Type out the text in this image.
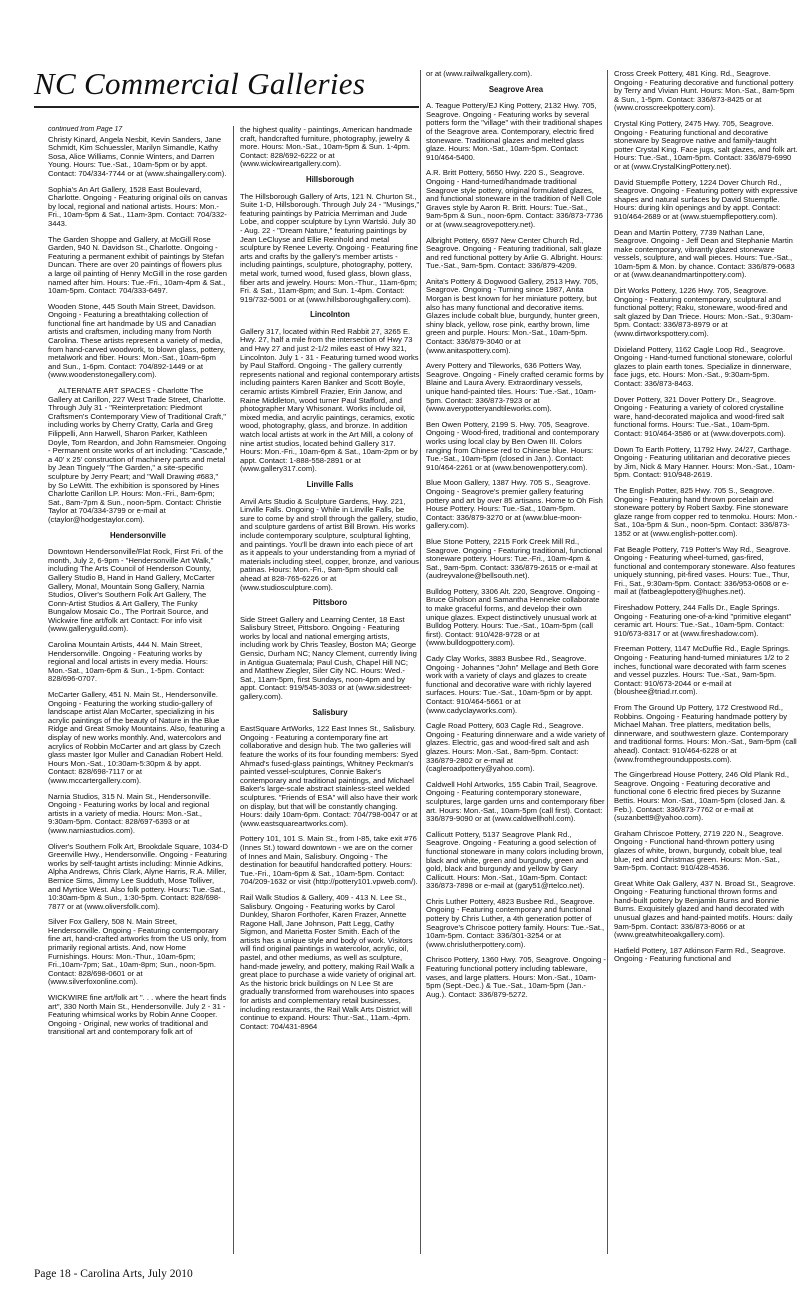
NC Commercial Galleries

continued from Page 17

Christy Kinard, Angela Nesbit, Kevin Sanders, Jane Schmidt, Kim Schuessler, Marilyn Simandle, Kathy Sosa, Alice Williams, Connie Winters, and Darren Young. Hours: Tue.-Sat., 10am-5pm or by appt. Contact: 704/334-7744 or at (www.shaingallery.com).

Sophia's An Art Gallery, 1528 East Boulevard, Charlotte. Ongoing - Featuring original oils on canvas by local, regional and national artists. Hours: Mon.-Fri., 10am-5pm & Sat., 11am-3pm. Contact: 704/332-3443.

The Garden Shoppe and Gallery, at McGill Rose Garden, 940 N. Davidson St., Charlotte. Ongoing - Featuring a permanent exhibit of paintings by Stefan Duncan. There are over 20 paintings of flowers plus a large oil painting of Henry McGill in the rose garden named after him. Hours: Tue.-Fri., 10am-4pm & Sat., 10am-5pm. Contact: 704/333-6497.

Wooden Stone, 445 South Main Street, Davidson. Ongoing - Featuring a breathtaking collection of functional fine art handmade by US and Canadian artists and craftsmen, including many from North Carolina. These artists represent a variety of media, from hand-carved woodwork, to blown glass, pottery, metalwork and fiber. Hours: Mon.-Sat., 10am-6pm and Sun., 1-6pm. Contact: 704/892-1449 or at (www.woodenstonegallery.com).

ALTERNATE ART SPACES - Charlotte The Gallery at Carillon, 227 West Trade Street, Charlotte. Through July 31 - "Reinterpretation: Piedmont Craftsmen's Contemporary View of Traditional Craft," including works by Cherry Cratty, Carla and Greg Filippelli, Ann Harwell, Sharon Parker, Kathleen Doyle, Tom Reardon, and John Ramsmeier. Ongoing - Permanent onsite works of art including: "Cascade," a 40' x 25' construction of machinery parts and metal by Jean Tinguely "The Garden," a site-specific sculpture by Jerry Peart; and "Wall Drawing #683," by So LeWitt. The exhibition is sponsored by Hines Charlotte Carillon LP. Hours: Mon.-Fri., 8am-6pm; Sat., 8am-7pm & Sun., noon-5pm. Contact: Christie Taylor at 704/334-3799 or e-mail at (ctaylor@hodgestaylor.com).

Hendersonville

Downtown Hendersonville/Flat Rock, First Fri. of the month, July 2, 6-9pm - "Hendersonville Art Walk," including The Arts Council of Henderson County, Gallery Studio B, Hand in Hand Gallery, McCarter Gallery, Mona!, Mountain Song Gallery, Narnia Studios, Oliver's Southern Folk Art Gallery, The Conn-Artist Studios & Art Gallery, The Funky Bungalow Mosaic Co., The Portrait Source, and Wickwire fine art/folk art Contact: For info visit (www.galleryguild.com).

Carolina Mountain Artists, 444 N. Main Street, Hendersonville. Ongoing - Featuring works by regional and local artists in every media. Hours: Mon.-Sat., 10am-6pm & Sun., 1-5pm. Contact: 828/696-0707.

McCarter Gallery, 451 N. Main St., Hendersonville. Ongoing - Featuring the working studio-gallery of landscape artist Alan McCarter, specializing in his acrylic paintings of the beauty of Nature in the Blue Ridge and Great Smoky Mountains. Also, featuring a display of new works monthly. And, watercolors and acrylics of Robbin McCarter and art glass by Czech glass master Igor Muller and Canadian Robert Held. Hours Mon.-Sat., 10:30am-5:30pm & by appt. Contact: 828/698-7117 or at (www.mccartergallery.com).

Narnia Studios, 315 N. Main St., Hendersonville. Ongoing - Featuring works by local and regional artists in a variety of media. Hours: Mon.-Sat., 9:30am-5pm. Contact: 828/697-6393 or at (www.narniastudios.com).

Oliver's Southern Folk Art, Brookdale Square, 1034-D Greenville Hwy., Hendersonville. Ongoing - Featuring works by self-taught artists including: Minnie Adkins, Alpha Andrews, Chris Clark, Alyne Harris, R.A. Miller, Bernice Sims, Jimmy Lee Sudduth, Mose Tolliver, and Myrtice West. Also folk pottery. Hours: Tue.-Sat., 10:30am-5pm & Sun., 1:30-5pm. Contact: 828/698-7877 or at (www.oliversfolk.com).

Silver Fox Gallery, 508 N. Main Street, Hendersonville. Ongoing - Featuring contemporary fine art, hand-crafted artworks from the US only, from primarily regional artists. And, now Home Furnishings. Hours: Mon.-Thur., 10am-6pm; Fri.,10am-7pm; Sat., 10am-8pm; Sun., noon-5pm. Contact: 828/698-0601 or at (www.silverfoxonline.com).

WICKWIRE fine art/folk art ". . . where the heart finds art", 330 North Main St., Hendersonville. July 2 - 31 - Featuring whimsical works by Robin Anne Cooper. Ongoing - Original, new works of traditional and transitional art and contemporary folk art of

the highest quality - paintings, American handmade craft, handcrafted furniture, photography, jewelry & more. Hours: Mon.-Sat., 10am-5pm & Sun. 1-4pm. Contact: 828/692-6222 or at (www.wickwireartgallery.com).

Hillsborough

The Hillsborough Gallery of Arts, 121 N. Churton St., Suite 1-D, Hillsborough. Through July 24 - "Musings," featuring paintings by Patricia Merriman and Jude Lobe, and copper sculpture by Lynn Wartski. July 30 - Aug. 22 - "Dream Nature," featuring paintings by Jean LeCluyse and Ellie Reinhold and metal sculpture by Renee Leverty. Ongoing - Featuring fine arts and crafts by the gallery's member artists - including paintings, sculpture, photography, pottery, metal work, turned wood, fused glass, blown glass, fiber arts and jewelry. Hours: Mon.-Thur., 11am-6pm; Fri. & Sat., 11am-8pm; and Sun. 1-4pm. Contact: 919/732-5001 or at (www.hillsboroughgallery.com).

Lincolnton

Gallery 317, located within Red Rabbit 27, 3265 E. Hwy. 27, half a mile from the intersection of Hwy 73 and Hwy 27 and just 2-1/2 miles east of Hwy 321, Lincolnton. July 1 - 31 - Featuring turned wood works by Paul Stafford. Ongoing - The gallery currently represents national and regional contemporary artists including painters Karen Banker and Scott Boyle, ceramic artists Kimbrell Frazier, Erin Janow, and Raine Middleton, wood turner Paul Stafford, and photographer Mary Whisonant. Works include oil, mixed media, and acrylic paintings, ceramics, exotic wood, photography, glass, and bronze. In addition watch local artists at work in the Art Mill, a colony of nine artist studios, located behind Gallery 317. Hours: Mon.-Fri., 10am-6pm & Sat., 10am-2pm or by appt. Contact: 1-888-558-2891 or at (www.gallery317.com).

Linville Falls

Anvil Arts Studio & Sculpture Gardens, Hwy. 221, Linville Falls. Ongoing - While in Linville Falls, be sure to come by and stroll through the gallery, studio, and sculpture gardens of artist Bill Brown. His works include contemporary sculpture, sculptural lighting, and paintings. You'll be drawn into each piece of art as it appeals to your understanding from a myriad of materials including steel, copper, bronze, and various patinas. Hours: Mon.-Fri., 9am-5pm should call ahead at 828-765-6226 or at (www.studiosculpture.com).

Pittsboro

Side Street Gallery and Learning Center, 18 East Salisbury Street, Pittsboro. Ongoing - Featuring works by local and national emerging artists, including work by Chris Teasley, Boston MA; George Gensic, Durham NC; Nancy Clement, currently living in Antigua Guatemala; Paul Cush, Chapel Hill NC; and Matthew Ziegler, Siler City NC. Hours: Wed.-Sat., 11am-5pm, first Sundays, noon-4pm and by appt. Contact: 919/545-3033 or at (www.sidestreet-gallery.com).

Salisbury

EastSquare ArtWorks, 122 East Innes St., Salisbury. Ongoing - Featuring a contemporary fine art collaborative and design hub. The two galleries will feature the works of its four founding members: Syed Ahmad's fused-glass paintings, Whitney Peckman's painted vessel-sculptures, Connie Baker's contemporary and traditional paintings, and Michael Baker's large-scale abstract stainless-steel welded sculptures. "Friends of ESA" will also have their work on display, but that will be constantly changing. Hours: daily 10am-6pm. Contact: 704/798-0047 or at (www.eastsquareartworks.com).

Pottery 101, 101 S. Main St., from I-85, take exit #76 (Innes St.) toward downtown - we are on the corner of Innes and Main, Salisbury. Ongoing - The destination for beautiful handcrafted pottery. Hours: Tue.-Fri., 10am-6pm & Sat., 10am-5pm. Contact: 704/209-1632 or visit (http://pottery101.vpweb.com/).

Rail Walk Studios & Gallery, 409 - 413 N. Lee St., Salisbury. Ongoing - Featuring works by Carol Dunkley, Sharon Forthofer, Karen Frazer, Annette Ragone Hall, Jane Johnson, Patt Legg, Cathy Sigmon, and Marietta Foster Smith. Each of the artists has a unique style and body of work. Visitors will find original paintings in watercolor, acrylic, oil, pastel, and other mediums, as well as sculpture, hand-made jewelry, and pottery, making Rail Walk a great place to purchase a wide variety of original art. As the historic brick buildings on N Lee St are gradually transformed from warehouses into spaces for artists and complementary retail businesses, including restaurants, the Rail Walk Arts District will continue to expand. Hours: Thur.-Sat., 11am.-4pm. Contact: 704/431-8964

or at (www.railwalkgallery.com).

Seagrove Area

A. Teague Pottery/EJ King Pottery, 2132 Hwy. 705, Seagrove. Ongoing - Featuring works by several potters form the "village" with their traditional shapes of the Seagrove area. Contemporary, electric fired stoneware. Traditional glazes and melted glass glaze. Hours: Mon.-Sat., 10am-5pm. Contact: 910/464-5400.

A.R. Britt Pottery, 5650 Hwy. 220 S., Seagrove. Ongoing - Hand-turned/handmade traditional Seagrove style pottery, original formulated glazes, and functional stoneware in the tradition of Nell Cole Graves style by Aaron R. Britt. Hours: Tue.-Sat., 9am-5pm & Sun., noon-6pm. Contact: 336/873-7736 or at (www.seagrovepottery.net).

Albright Pottery, 6597 New Center Church Rd., Seagrove. Ongoing - Featuring traditional, salt glaze and red functional pottery by Arlie G. Albright. Hours: Tue.-Sat., 9am-5pm. Contact: 336/879-4209.

Anita's Pottery & Dogwood Gallery, 2513 Hwy. 705, Seagrove. Ongoing - Turning since 1987, Anita Morgan is best known for her miniature pottery, but also has many functional and decorative items. Glazes include cobalt blue, burgundy, hunter green, shiny black, yellow, rose pink, earthy brown, lime green and purple. Hours: Mon.-Sat., 10am-5pm. Contact: 336/879-3040 or at (www.anitaspottery.com).

Avery Pottery and Tileworks, 636 Potters Way, Seagrove. Ongoing - Finely crafted ceramic forms by Blaine and Laura Avery. Extraordinary vessels, unique hand-painted tiles. Hours: Tue.-Sat., 10am-5pm. Contact: 336/873-7923 or at (www.averypotteryandtileworks.com).

Ben Owen Pottery, 2199 S. Hwy. 705, Seagrove. Ongoing - Wood-fired, traditional and contemporary works using local clay by Ben Owen III. Colors ranging from Chinese red to Chinese blue. Hours: Tue.-Sat., 10am-5pm (closed in Jan.). Contact: 910/464-2261 or at (www.benowenpottery.com).

Blue Moon Gallery, 1387 Hwy. 705 S., Seagrove. Ongoing - Seagrove's premier gallery featuring pottery and art by over 85 artisans. Home to Oh Fish House Pottery. Hours: Tue.-Sat., 10am-5pm. Contact: 336/879-3270 or at (www.blue-moon-gallery.com).

Blue Stone Pottery, 2215 Fork Creek Mill Rd., Seagrove. Ongoing - Featuring traditional, functional stoneware pottery. Hours: Tue.-Fri., 10am-4pm & Sat., 9am-5pm. Contact: 336/879-2615 or e-mail at (audreyvalone@bellsouth.net).

Bulldog Pottery, 3306 Alt. 220, Seagrove. Ongoing - Bruce Gholson and Samantha Henneke collaborate to make graceful forms, and develop their own unique glazes. Expect distinctively unusual work at Bulldog Pottery. Hours: Tue.-Sat., 10am-5pm (call first). Contact: 910/428-9728 or at (www.bulldogpottery.com).

Cady Clay Works, 3883 Busbee Rd., Seagrove. Ongoing - Johannes "John" Mellage and Beth Gore work with a variety of clays and glazes to create functional and decorative ware with richly layered surfaces. Hours: Tue.-Sat., 10am-5pm or by appt. Contact: 910/464-5661 or at (www.cadyclayworks.com).

Cagle Road Pottery, 603 Cagle Rd., Seagrove. Ongoing - Featuring dinnerware and a wide variety of glazes. Electric, gas and wood-fired salt and ash glazes. Hours: Mon.-Sat., 8am-5pm. Contact: 336/879-2802 or e-mail at (cagleroadpottery@yahoo.com).

Caldwell Hohl Artworks, 155 Cabin Trail, Seagrove. Ongoing - Featuring contemporary stoneware, sculptures, large garden urns and contemporary fiber art. Hours: Mon.-Sat., 10am-5pm (call first). Contact: 336/879-9090 or at (www.caldwellhohl.com).

Callicutt Pottery, 5137 Seagrove Plank Rd., Seagrove. Ongoing - Featuring a good selection of functional stoneware in many colors including brown, black and white, green and burgundy, green and gold, black and burgundy and yellow by Gary Callicutt. Hours: Mon.-Sat., 10am-5pm. Contact: 336/873-7898 or e-mail at (gary51@rtelco.net).

Chris Luther Pottery, 4823 Busbee Rd., Seagrove. Ongoing - Featuring contemporary and functional pottery by Chris Luther, a 4th generation potter of Seagrove's Chriscoe pottery family. Hours: Tue.-Sat., 10am-5pm. Contact: 336/301-3254 or at (www.chrislutherpottery.com).

Chrisco Pottery, 1360 Hwy. 705, Seagrove. Ongoing - Featuring functional pottery including tableware, vases, and large platters. Hours: Mon.-Sat., 10am-5pm (Sept.-Dec.) & Tue.-Sat., 10am-5pm (Jan.-Aug.). Contact: 336/879-5272.

Cross Creek Pottery, 481 King. Rd., Seagrove. Ongoing - Featuring decorative and functional pottery by Terry and Vivian Hunt. Hours: Mon.-Sat., 8am-5pm & Sun., 1-5pm. Contact: 336/873-8425 or at (www.crosscreekpottery.com).

Crystal King Pottery, 2475 Hwy. 705, Seagrove. Ongoing - Featuring functional and decorative stoneware by Seagrove native and family-taught potter Crystal King. Face jugs, salt glazes, and folk art. Hours: Tue.-Sat., 10am-5pm. Contact: 336/879-6990 or at (www.CrystalKingPottery.net).

David Stuempfle Pottery, 1224 Dover Church Rd., Seagrove. Ongoing - Featuring pottery with expressive shapes and natural surfaces by David Stuempfle. Hours: during kiln openings and by appt. Contact: 910/464-2689 or at (www.stuempflepottery.com).

Dean and Martin Pottery, 7739 Nathan Lane, Seagrove. Ongoing - Jeff Dean and Stephanie Martin make contemporary, vibrantly glazed stoneware vessels, sculpture, and wall pieces. Hours: Tue.-Sat., 10am-5pm & Mon. by chance. Contact: 336/879-0683 or at (www.deanandmartinpottery.com).

Dirt Works Pottery, 1226 Hwy. 705, Seagrove. Ongoing - Featuring contemporary, sculptural and functional pottery; Raku, stoneware, wood-fired and salt glazed by Dan Triece. Hours: Mon.-Sat., 9:30am-5pm. Contact: 336/873-8979 or at (www.dirtworkspottery.com).

Dixieland Pottery, 1162 Cagle Loop Rd., Seagrove. Ongoing - Hand-turned functional stoneware, colorful glazes to plain earth tones. Specialize in dinnerware, face jugs, etc. Hours: Mon.-Sat., 9:30am-5pm. Contact: 336/873-8463.

Dover Pottery, 321 Dover Pottery Dr., Seagrove. Ongoing - Featuring a variety of colored crystalline ware, hand-decorated majolica and wood-fired salt functional forms. Hours: Tue.-Sat., 10am-5pm. Contact: 910/464-3586 or at (www.doverpots.com).

Down To Earth Pottery, 11792 Hwy. 24/27, Carthage. Ongoing - Featuring utilitarian and decorative pieces by Jim, Nick & Mary Hanner. Hours: Mon.-Sat., 10am-5pm. Contact: 910/948-2619.

The English Potter, 825 Hwy. 705 S., Seagrove. Ongoing - Featuring hand thrown porcelain and stoneware pottery by Robert Saxby. Fine stoneware glaze range from copper red to tenmoku. Hours: Mon.-Sat., 10a-5pm & Sun., noon-5pm. Contact: 336/873-1352 or at (www.english-potter.com).

Fat Beagle Pottery, 719 Potter's Way Rd., Seagrove. Ongoing - Featuring wheel-turned, gas-fired, functional and contemporary stoneware. Also features uniquely stunning, pit-fired vases. Hours: Tue., Thur, Fri., Sat., 9:30am-5pm. Contact: 336/953-0608 or e-mail at (fatbeaglepottery@hughes.net).

Fireshadow Pottery, 244 Falls Dr., Eagle Springs. Ongoing - Featuring one-of-a-kind "primitive elegant" ceramic art. Hours: Tue.-Sat., 10am-5pm. Contact: 910/673-8317 or at (www.fireshadow.com).

Freeman Pottery, 1147 McDuffie Rd., Eagle Springs. Ongoing - Featuring hand-turned miniatures 1/2 to 2 inches, functional ware decorated with farm scenes and vessel puzzles. Hours: Tue.-Sat., 9am-5pm. Contact: 910/673-2044 or e-mail at (bloushee@triad.rr.com).

From The Ground Up Pottery, 172 Crestwood Rd., Robbins. Ongoing - Featuring handmade pottery by Michael Mahan. Tree platters, meditation bells, dinnerware, and southwestern glaze. Contemporary and traditional forms. Hours: Mon.-Sat., 9am-5pm (call ahead). Contact: 910/464-6228 or at (www.fromthegroundupposts.com).

The Gingerbread House Pottery, 246 Old Plank Rd., Seagrove. Ongoing - Featuring decorative and functional cone 6 electric fired pieces by Suzanne Bettis. Hours: Mon.-Sat., 10am-5pm (closed Jan. & Feb.). Contact: 336/873-7762 or e-mail at (suzanbett9@yahoo.com).

Graham Chriscoe Pottery, 2719 220 N., Seagrove. Ongoing - Functional hand-thrown pottery using glazes of white, brown, burgundy, cobalt blue, teal blue, red and Christmas green. Hours: Mon.-Sat., 9am-5pm. Contact: 910/428-4536.

Great White Oak Gallery, 437 N. Broad St., Seagrove. Ongoing - Featuring functional thrown forms and hand-built pottery by Benjamin Burns and Bonnie Burns. Exquisitely glazed and hand decorated with unusual glazes and hand-painted motifs. Hours: daily 9am-5pm. Contact: 336/873-8066 or at (www.greatwhiteoakgallery.com).

Hatfield Pottery, 187 Atkinson Farm Rd., Seagrove. Ongoing - Featuring functional and

Page 18 - Carolina Arts, July 2010
